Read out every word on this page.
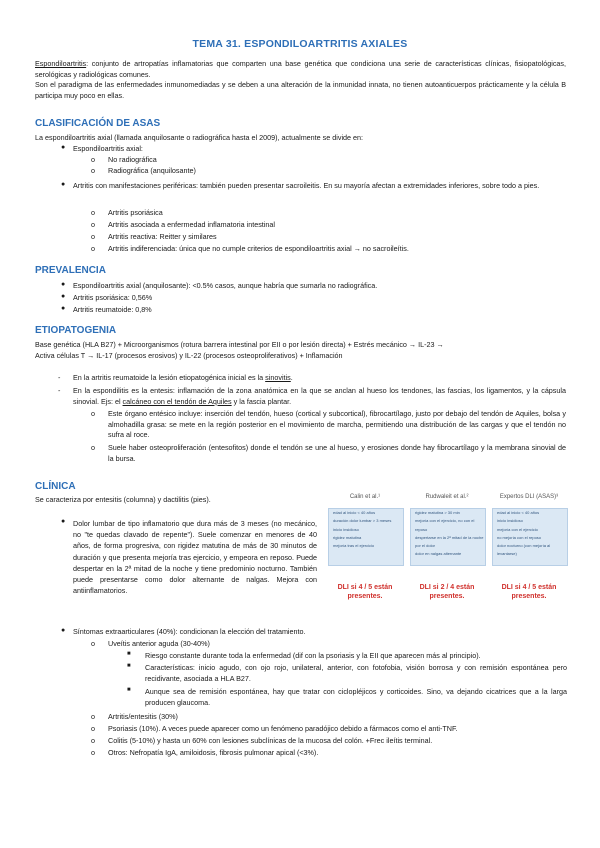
TEMA 31. ESPONDILOARTRITIS AXIALES
Espondiloartritis: conjunto de artropatías inflamatorias que comparten una base genética que condiciona una serie de características clínicas, fisiopatológicas, serológicas y radiológicas comunes.
Son el paradigma de las enfermedades inmunomediadas y se deben a una alteración de la inmunidad innata, no tienen autoanticuerpos prácticamente y la célula B participa muy poco en ellas.
CLASIFICACIÓN DE ASAS
La espondiloartritis axial (llamada anquilosante o radiográfica hasta el 2009), actualmente se divide en:
● Espondiloartritis axial:
o No radiográfica
o Radiográfica (anquilosante)
● Artritis con manifestaciones periféricas: también pueden presentar sacroileitis. En su mayoría afectan a extremidades inferiores, sobre todo a pies.
o Artritis psoriásica
o Artritis asociada a enfermedad inflamatoria intestinal
o Artritis reactiva: Reitter y similares
o Artritis indiferenciada: única que no cumple criterios de espondiloartritis axial → no sacroileítis.
PREVALENCIA
● Espondiloartritis axial (anquilosante): <0.5% casos, aunque habría que sumarla no radiográfica.
● Artritis psoriásica: 0,56%
● Artritis reumatoide: 0,8%
ETIOPATOGENIA
Base genética (HLA B27) + Microorganismos (rotura barrera intestinal por EII o por lesión directa) + Estrés mecánico → IL-23 →
Activa células T → IL-17 (procesos erosivos) y IL-22 (procesos osteoproliferativos) + Inflamación
- En la artritis reumatoide la lesión etiopatogénica inicial es la sinovitis.
- En la espondilitis es la entesis: inflamación de la zona anatómica en la que se anclan al hueso los tendones, las fascias, los ligamentos, y la cápsula sinovial. Ejs: el calcáneo con el tendón de Aquiles y la fascia plantar.
o Este órgano entésico incluye: inserción del tendón, hueso (cortical y subcortical), fibrocartílago, justo por debajo del tendón de Aquiles, bolsa y almohadilla grasa: se mete en la región posterior en el movimiento de marcha, permitiendo una distribución de las cargas y que el tendón no sufra al roce.
o Suele haber osteoproliferación (entesofitos) donde el tendón se une al hueso, y erosiones donde hay fibrocartílago y la membrana sinovial de la bursa.
CLÍNICA
Se caracteriza por entesitis (columna) y dactilitis (pies).
● Dolor lumbar de tipo inflamatorio que dura más de 3 meses (no mecánico, no "te quedas clavado de repente"). Suele comenzar en menores de 40 años, de forma progresiva, con rigidez matutina de más de 30 minutos de duración y que presenta mejoría tras ejercicio, y empeora en reposo. Puede despertar en la 2ª mitad de la noche y tiene predominio nocturno. También puede presentarse como dolor alternante de nalgas. Mejora con antiinflamatorios.
Calin et al.¹	Rudwaleit et al.²	Expertos DLI (ASAS)³
edad al inicio < 40 años
duración dolor lumbar > 3 meses
inicio insidioso
rigidez matutina
mejoría tras el ejercicio
rigidez matutina > 30 min
mejoría con el ejercicio, no con el reposo
despertarse en la 2ª mitad de la noche por el dolor
dolor en nalgas alternante
edad al inicio < 40 años
inicio insidioso
mejoría con el ejercicio
no mejoría con el reposo
dolor nocturno (con mejoría al levantarse)
DLI si 4 / 5 están presentes.
DLI si 2 / 4 están presentes.
DLI si 4 / 5 están presentes.
● Síntomas extraarticulares (40%): condicionan la elección del tratamiento.
o Uveítis anterior aguda (30-40%)
■ Riesgo constante durante toda la enfermedad (dif con la psoriasis y la EII que aparecen más al principio).
■ Características: inicio agudo, con ojo rojo, unilateral, anterior, con fotofobia, visión borrosa y con remisión espontánea pero recidivante, asociada a HLA B27.
■ Aunque sea de remisión espontánea, hay que tratar con ciclopléjicos y corticoides. Sino, va dejando cicatrices que a la larga producen glaucoma.
o Artritis/entesitis (30%)
o Psoriasis (10%). A veces puede aparecer como un fenómeno paradójico debido a fármacos como el anti-TNF.
o Colitis (5-10%) y hasta un 60% con lesiones subclínicas de la mucosa del colón. +Frec ileítis terminal.
o Otros: Nefropatía IgA, amiloidosis, fibrosis pulmonar apical (<3%).
